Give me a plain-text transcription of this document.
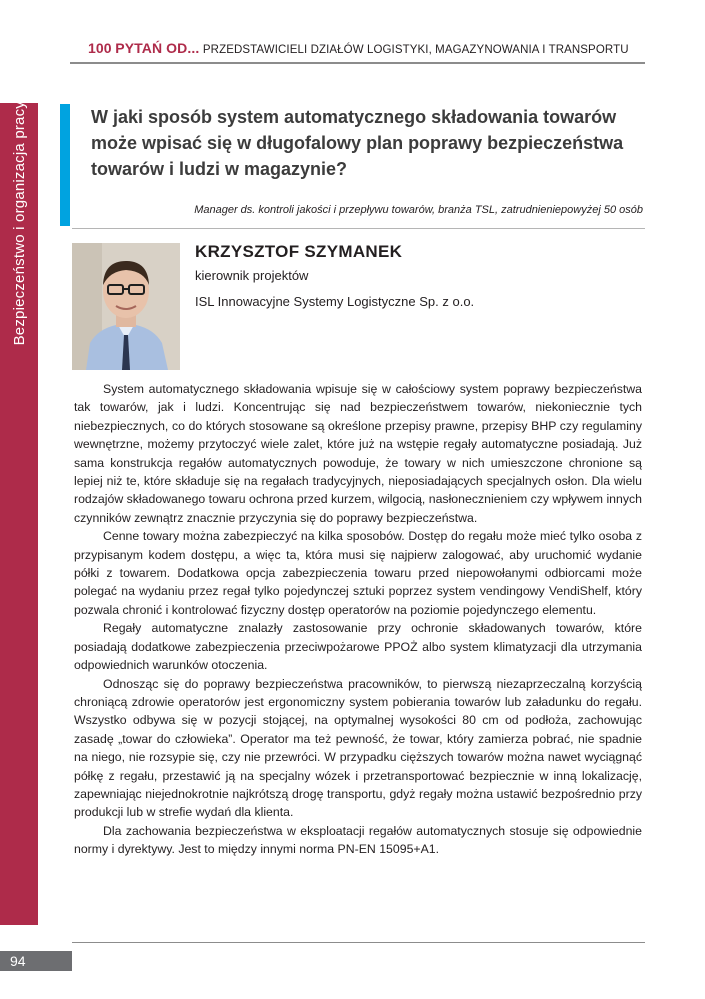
100 PYTAŃ OD... PRZEDSTAWICIELI DZIAŁÓW LOGISTYKI, MAGAZYNOWANIA I TRANSPORTU
Bezpieczeństwo i organizacja pracy	W jaki sposób system automatycznego składowania towarów może wpisać się w długofalowy plan poprawy bezpieczeństwa towarów i ludzi w magazynie?
Manager ds. kontroli jakości i przepływu towarów, branża TSL, zatrudnieniepowyżej 50 osób
KRZYSZTOF SZYMANEK
kierownik projektów
ISL Innowacyjne Systemy Logistyczne Sp. z o.o.

System automatycznego składowania wpisuje się w całościowy system poprawy bezpieczeństwa tak towarów, jak i ludzi. Koncentrując się nad bezpieczeństwem towarów, niekoniecznie tych niebezpiecznych, co do których stosowane są określone przepisy prawne, przepisy BHP czy regulaminy wewnętrzne, możemy przytoczyć wiele zalet, które już na wstępie regały automatyczne posiadają. Już sama konstrukcja regałów automatycznych powoduje, że towary w nich umieszczone chronione są lepiej niż te, które składuje się na regałach tradycyjnych, nieposiadających specjalnych osłon. Dla wielu rodzajów składowanego towaru ochrona przed kurzem, wilgocią, nasłonecznieniem czy wpływem innych czynników zewnątrz znacznie przyczynia się do poprawy bezpieczeństwa.

Cenne towary można zabezpieczyć na kilka sposobów. Dostęp do regału może mieć tylko osoba z przypisanym kodem dostępu, a więc ta, która musi się najpierw zalogować, aby uruchomić wydanie półki z towarem. Dodatkowa opcja zabezpieczenia towaru przed niepowołanymi odbiorcami może polegać na wydaniu przez regał tylko pojedynczej sztuki poprzez system vendingowy VendiShelf, który pozwala chronić i kontrolować fizyczny dostęp operatorów na poziomie pojedynczego elementu.

Regały automatyczne znalazły zastosowanie przy ochronie składowanych towarów, które posiadają dodatkowe zabezpieczenia przeciwpożarowe PPOŻ albo system klimatyzacji dla utrzymania odpowiednich warunków otoczenia.

Odnosząc się do poprawy bezpieczeństwa pracowników, to pierwszą niezaprzeczalną korzyścią chroniącą zdrowie operatorów jest ergonomiczny system pobierania towarów lub załadunku do regału. Wszystko odbywa się w pozycji stojącej, na optymalnej wysokości 80 cm od podłoża, zachowując zasadę „towar do człowieka”. Operator ma też pewność, że towar, który zamierza pobrać, nie spadnie na niego, nie rozsypie się, czy nie przewróci. W przypadku cięższych towarów można nawet wyciągnąć półkę z regału, przestawić ją na specjalny wózek i przetransportować bezpiecznie w inną lokalizację, zapewniając niejednokrotnie najkrótszą drogę transportu, gdyż regały można ustawić bezpośrednio przy produkcji lub w strefie wydań dla klienta.

Dla zachowania bezpieczeństwa w eksploatacji regałów automatycznych stosuje się odpowiednie normy i dyrektywy. Jest to między innymi norma PN-EN 15095+A1.

94
